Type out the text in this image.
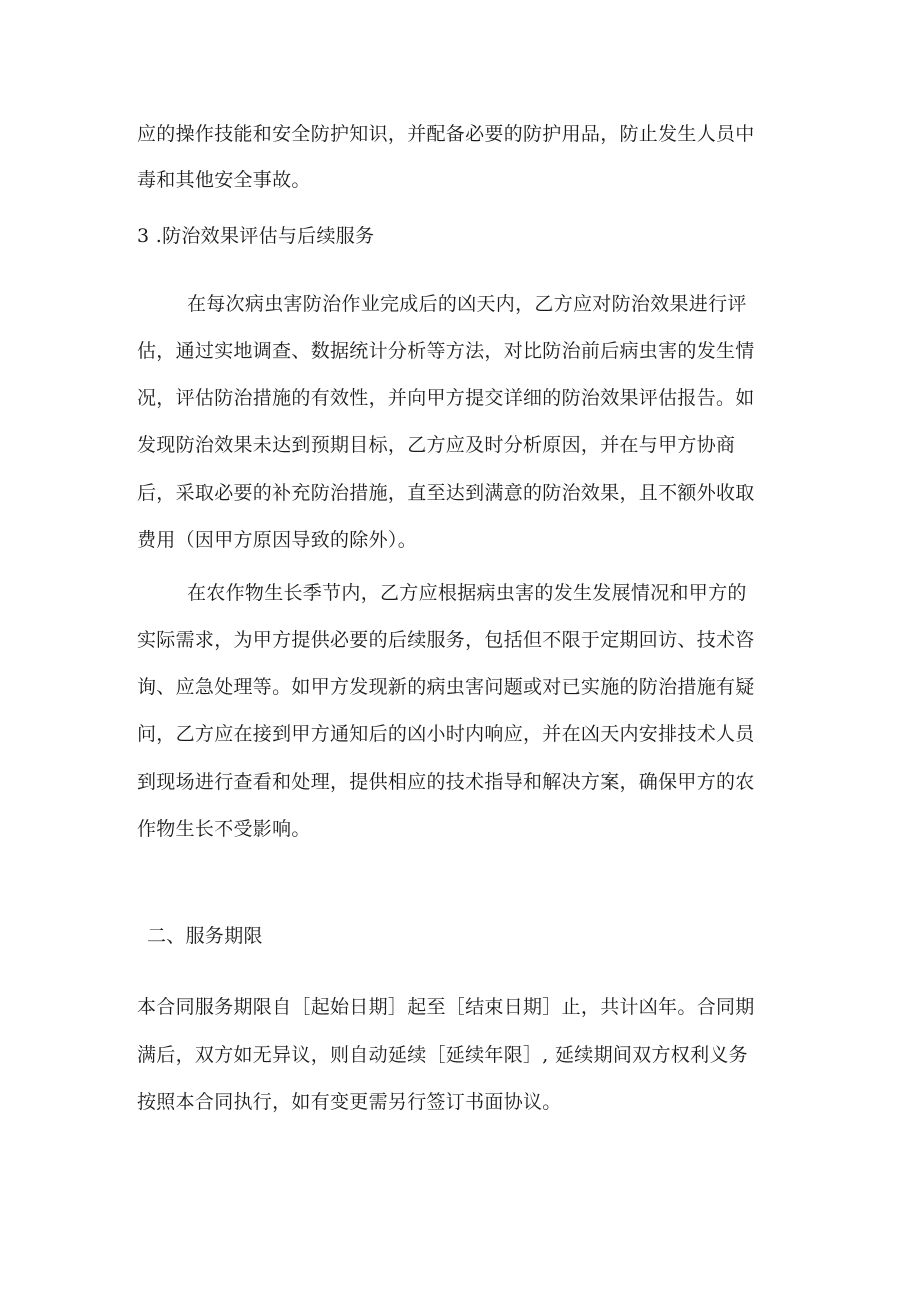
应的操作技能和安全防护知识，并配备必要的防护用品，防止发生人员中
毒和其他安全事故。
3 .防治效果评估与后续服务
在每次病虫害防治作业完成后的凶天内，乙方应对防治效果进行评
估，通过实地调查、数据统计分析等方法，对比防治前后病虫害的发生情
况，评估防治措施的有效性，并向甲方提交详细的防治效果评估报告。如
发现防治效果未达到预期目标，乙方应及时分析原因，并在与甲方协商
后，采取必要的补充防治措施，直至达到满意的防治效果，且不额外收取
费用（因甲方原因导致的除外）。
在农作物生长季节内，乙方应根据病虫害的发生发展情况和甲方的
实际需求，为甲方提供必要的后续服务，包括但不限于定期回访、技术咨
询、应急处理等。如甲方发现新的病虫害问题或对已实施的防治措施有疑
问，乙方应在接到甲方通知后的凶小时内响应，并在凶天内安排技术人员
到现场进行查看和处理，提供相应的技术指导和解决方案，确保甲方的农
作物生长不受影响。
二、服务期限
本合同服务期限自［起始日期］起至［结束日期］止，共计凶年。合同期
满后，双方如无异议，则自动延续［延续年限］, 延续期间双方权利义务
按照本合同执行，如有变更需另行签订书面协议。
